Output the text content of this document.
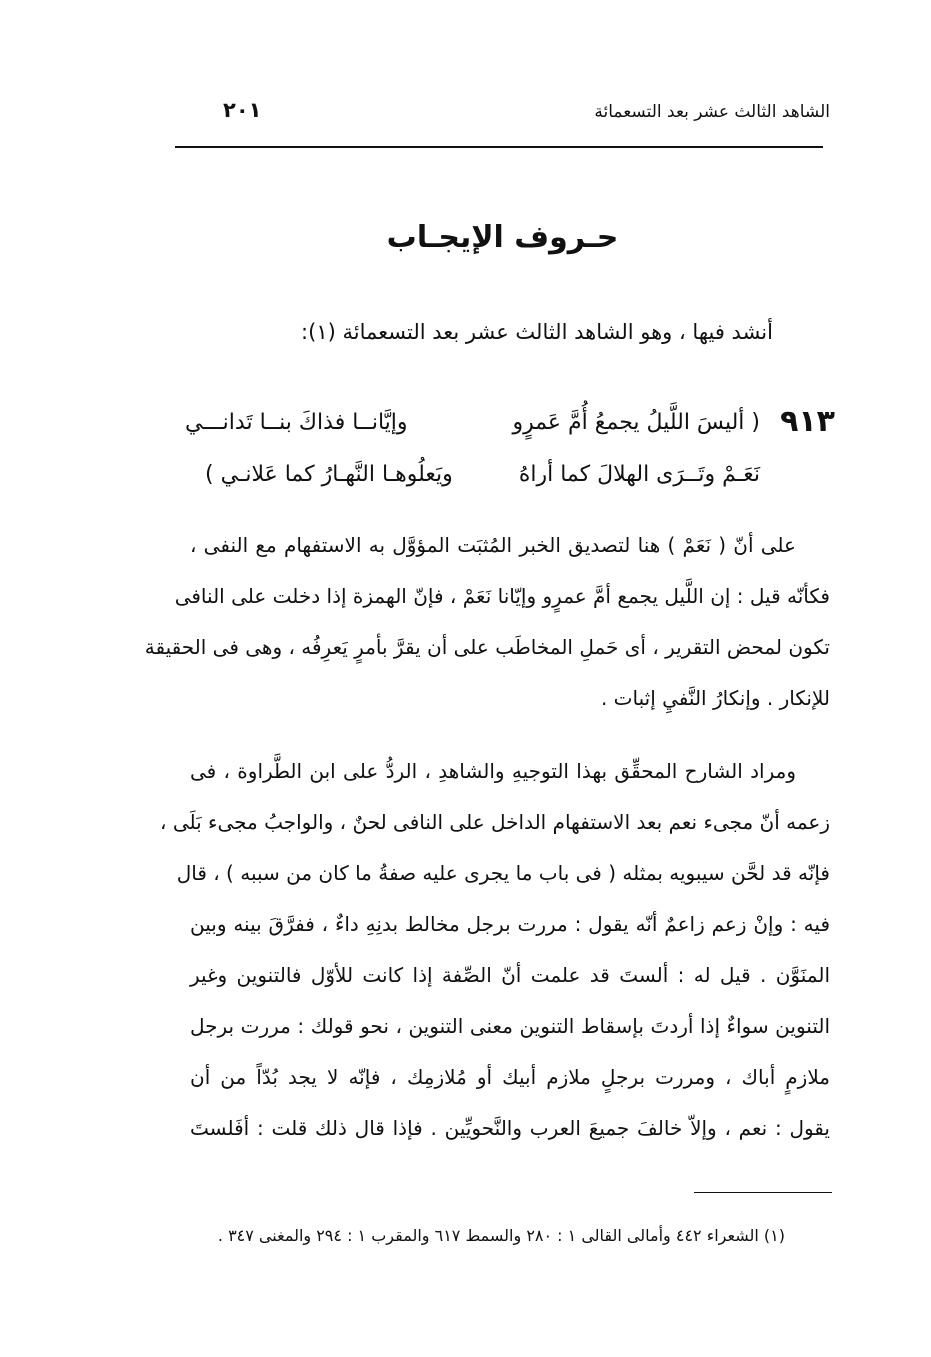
الشاهد الثالث عشر بعد التسعمائة
٢٠١
حـروف الإيجـاب
أنشد فيها ، وهو الشاهد الثالث عشر بعد التسعمائة (١):
٩١٣
( أليسَ اللَّيلُ يجمعُ أُمَّ عَمرٍو
وإيَّانــا فذاكَ بنــا تَدانـــي
نَعَـمْ وتَــرَى الهلالَ كما أراهُ
ويَعلُوهـا النَّهـارُ كما عَلانـي )
على أنّ ( نَعَمْ ) هنا لتصديق الخبر المُثبَت المؤوَّل به الاستفهام مع النفى ،
فكأنّه قيل : إن اللَّيل يجمع أمَّ عمرٍو وإيّانا نَعَمْ ، فإنّ الهمزة إذا دخلت على النافى
تكون لمحض التقرير ، أى حَملِ المخاطَب على أن يقرَّ بأمرٍ يَعرِفُه ، وهى فى الحقيقة
للإنكار . وإنكارُ النَّفيِ إثبات .
ومراد الشارح المحقِّق بهذا التوجيهِ والشاهدِ ، الردُّ على ابن الطَّراوة ، فى
زعمه أنّ مجىء نعم بعد الاستفهام الداخل على النافى لحنٌ ، والواجبُ مجىء بَلَى ،
فإنّه قد لحَّن سيبويه بمثله ( فى باب ما يجرى عليه صفةُ ما كان من سببه ) ، قال
فيه : وإنْ زعم زاعمٌ أنّه يقول : مررت برجل مخالط بدنِهِ داءٌ ، ففرَّقَ بينه وبين
المنَوَّن . قيل له : ألستَ قد علمت أنّ الصِّفة إذا كانت للأوّل فالتنوين وغير
التنوين سواءٌ إذا أردتَ بإسقاط التنوين معنى التنوين ، نحو قولك : مررت برجل
ملازمٍ أباك ، ومررت برجلٍ ملازم أبيك أو مُلازمِك ، فإنّه لا يجد بُدّاً من أن
يقول : نعم ، وإلاّ خالفَ جميعَ العرب والنَّحويِّين . فإذا قال ذلك قلت : أفَلستَ
(١) الشعراء ٤٤٢ وأمالى القالى ١ : ٢٨٠ والسمط ٦١٧ والمقرب ١ : ٢٩٤ والمغنى ٣٤٧ .
